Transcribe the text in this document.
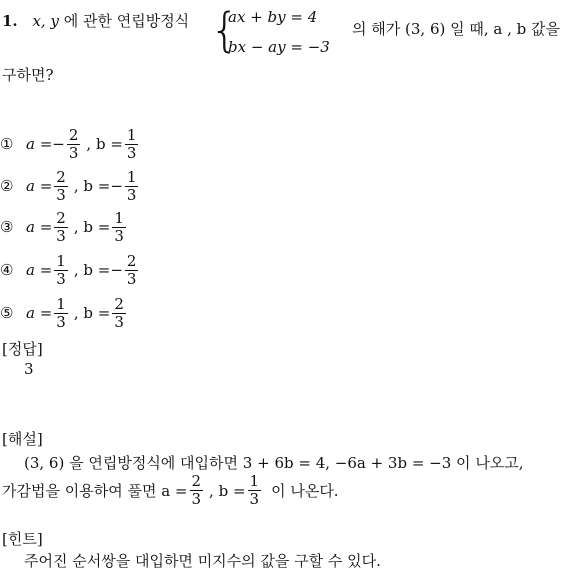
1. x, y 에 관한 연립방정식 {
ax + by = 4
bx − ay = −3
의 해가 (3, 6) 일 때, a , b 값을
구하면?
① a = − $\frac{2}{3}$ , $b = \frac{1}{3}$
② $a = \frac{2}{3}$ , b = − $\frac{1}{3}$
③ $a = \frac{2}{3}$ , $b = \frac{1}{3}$
④ $a = \frac{1}{3}$ , b = − $\frac{2}{3}$
⑤ $a = \frac{1}{3}$ , $b = \frac{2}{3}$
[정답]
3
[해설]
(3, 6) 을 연립방정식에 대입하면 3 + 6b = 4, −6a + 3b = −3 이 나오고,
가감법을 이용하여 풀면 $a = \frac{2}{3}$ , $b = \frac{1}{3}$ 이 나온다.
[힌트]
주어진 순서쌍을 대입하면 미지수의 값을 구할 수 있다.
